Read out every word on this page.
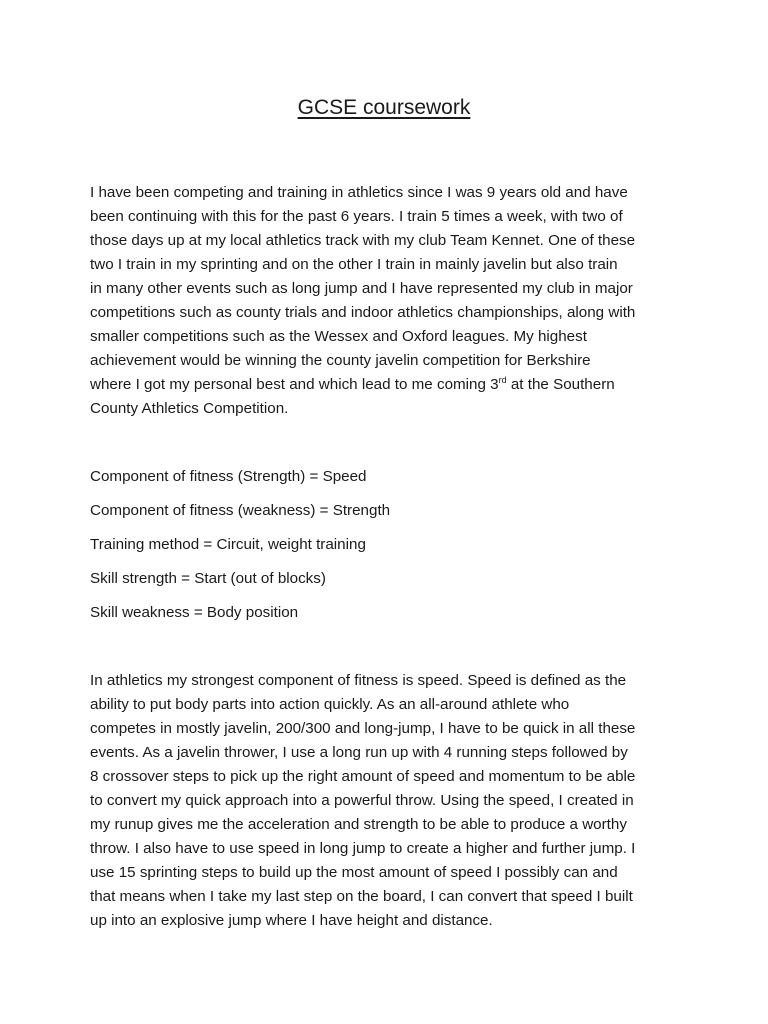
GCSE coursework

I have been competing and training in athletics since I was 9 years old and have
been continuing with this for the past 6 years. I train 5 times a week, with two of
those days up at my local athletics track with my club Team Kennet. One of these
two I train in my sprinting and on the other I train in mainly javelin but also train
in many other events such as long jump and I have represented my club in major
competitions such as county trials and indoor athletics championships, along with
smaller competitions such as the Wessex and Oxford leagues. My highest
achievement would be winning the county javelin competition for Berkshire
where I got my personal best and which lead to me coming 3rd at the Southern
County Athletics Competition.

Component of fitness (Strength) = Speed
Component of fitness (weakness) = Strength
Training method = Circuit, weight training
Skill strength = Start (out of blocks)
Skill weakness = Body position

In athletics my strongest component of fitness is speed. Speed is defined as the
ability to put body parts into action quickly. As an all-around athlete who
competes in mostly javelin, 200/300 and long-jump, I have to be quick in all these
events. As a javelin thrower, I use a long run up with 4 running steps followed by
8 crossover steps to pick up the right amount of speed and momentum to be able
to convert my quick approach into a powerful throw. Using the speed, I created in
my runup gives me the acceleration and strength to be able to produce a worthy
throw. I also have to use speed in long jump to create a higher and further jump. I
use 15 sprinting steps to build up the most amount of speed I possibly can and
that means when I take my last step on the board, I can convert that speed I built
up into an explosive jump where I have height and distance.
